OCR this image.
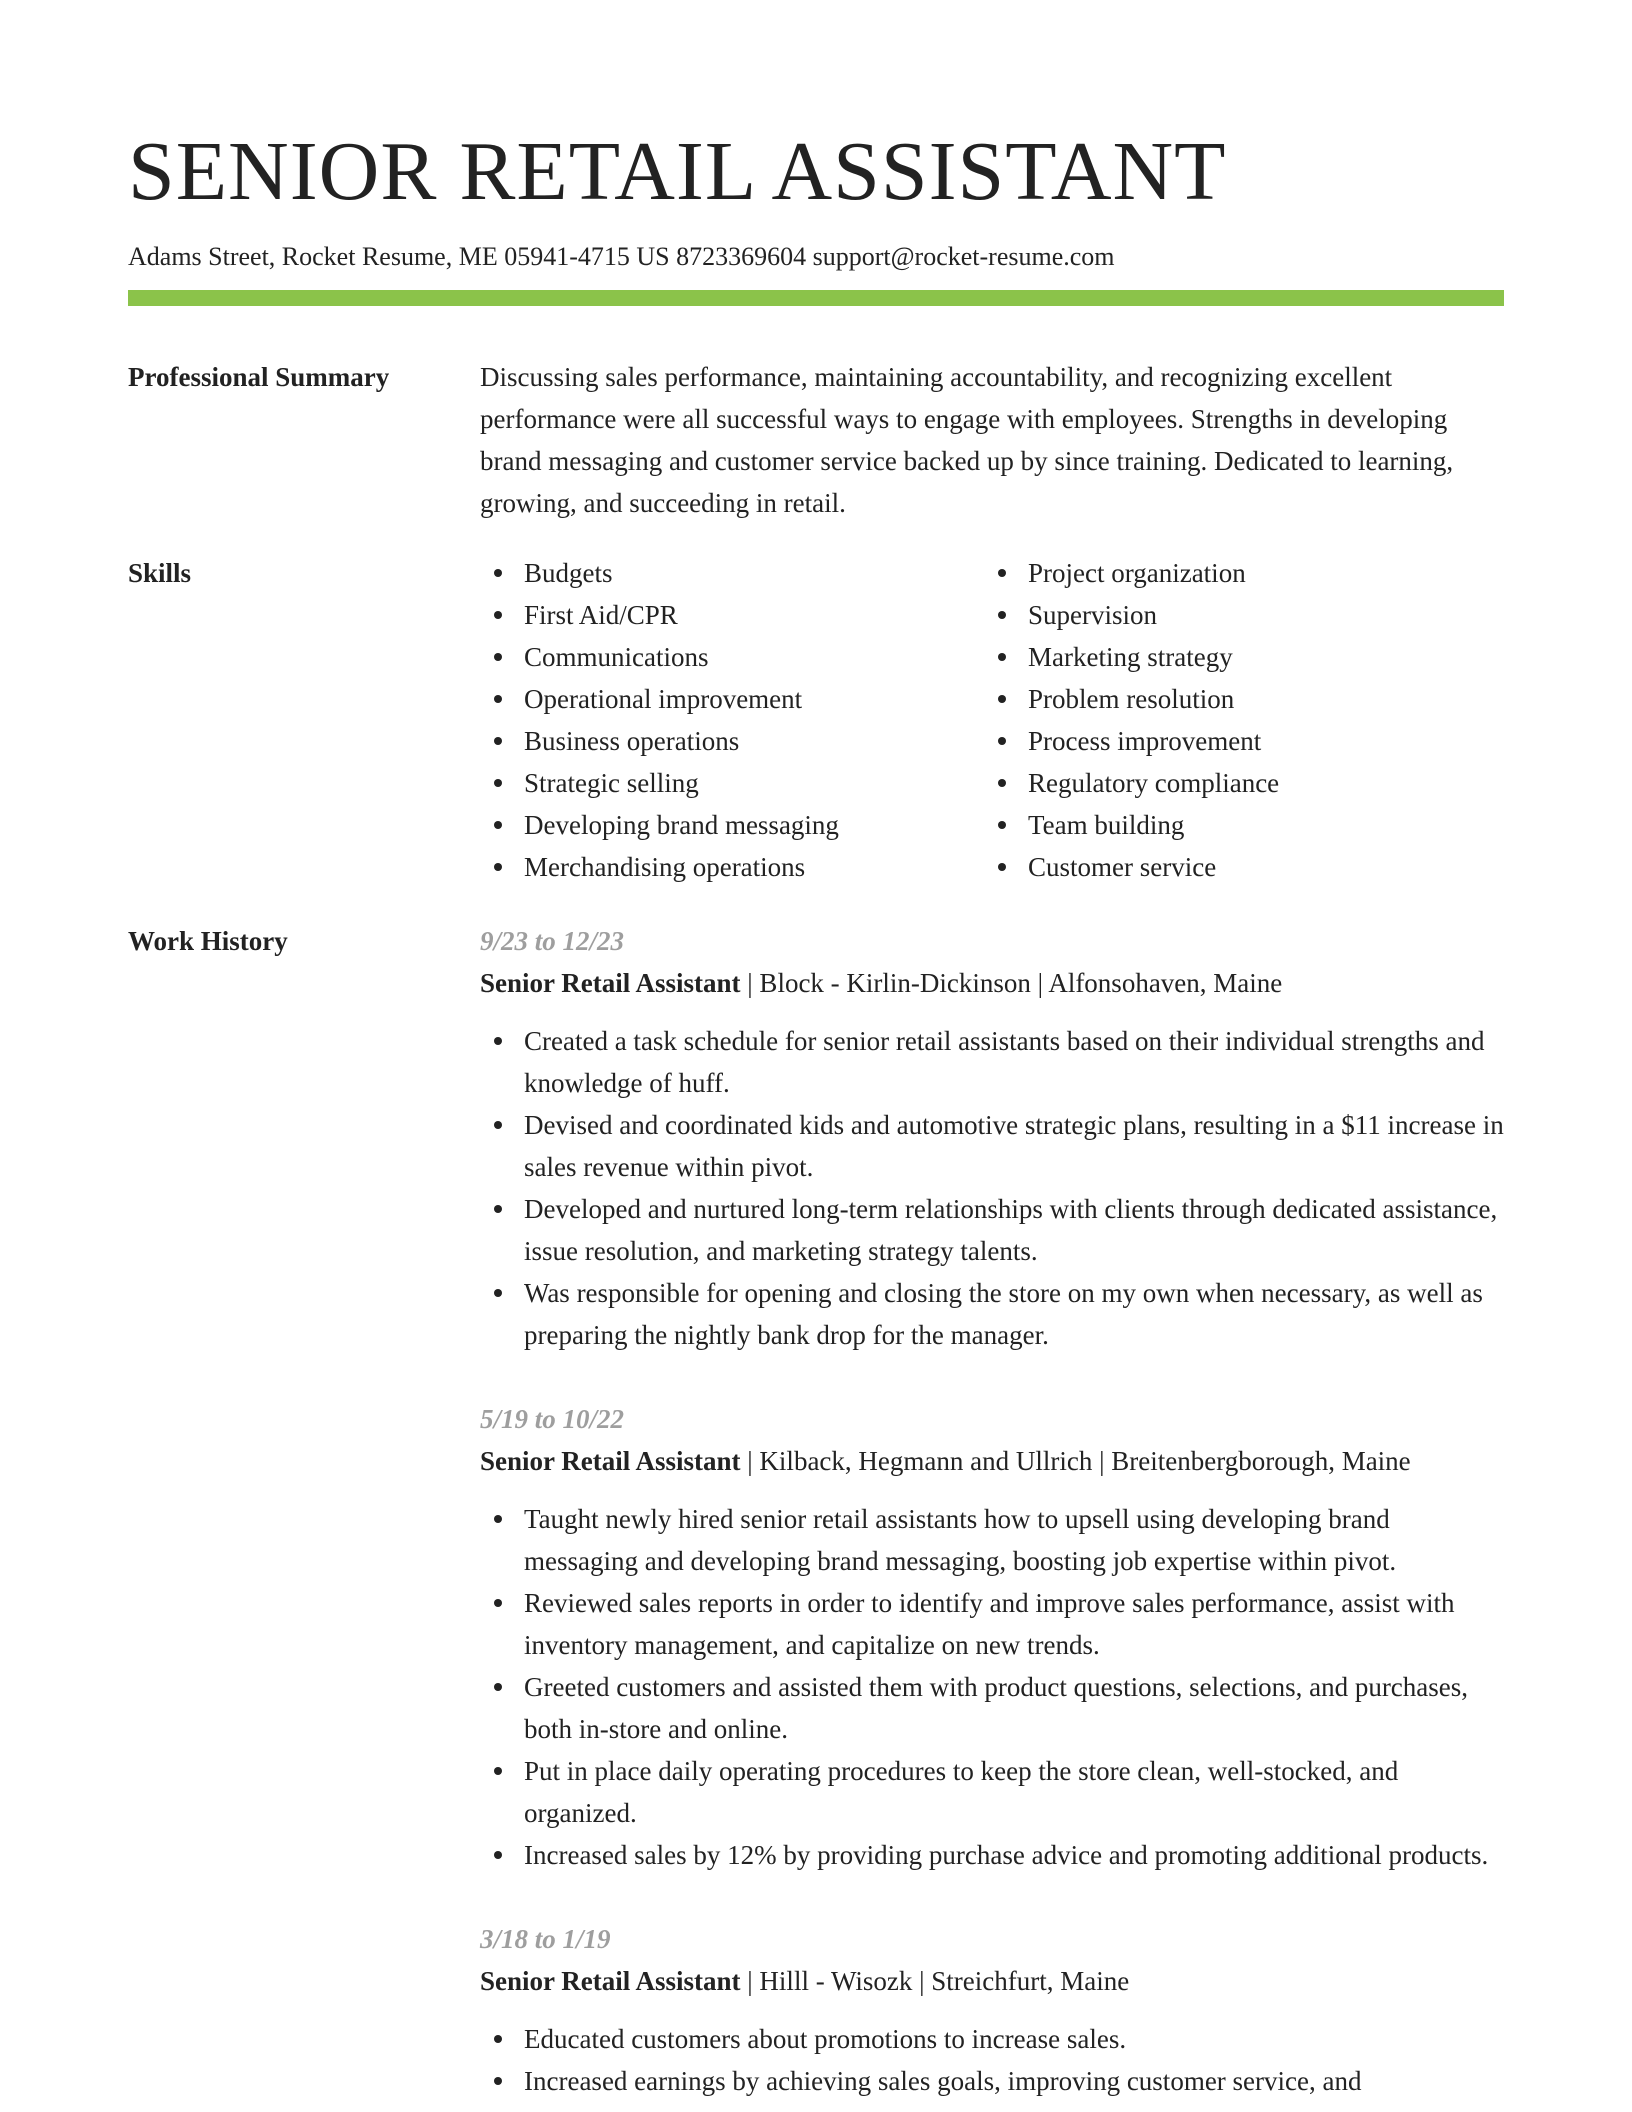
SENIOR RETAIL ASSISTANT
Adams Street, Rocket Resume, ME 05941-4715 US 8723369604 support@rocket-resume.com
Professional Summary	Discussing sales performance, maintaining accountability, and recognizing excellent performance were all successful ways to engage with employees. Strengths in developing brand messaging and customer service backed up by since training. Dedicated to learning, growing, and succeeding in retail.

Skills	Budgets
First Aid/CPR
Communications
Operational improvement
Business operations
Strategic selling
Developing brand messaging
Merchandising operations
Project organization
Supervision
Marketing strategy
Problem resolution
Process improvement
Regulatory compliance
Team building
Customer service
Work History	9/23 to 12/23
Senior Retail Assistant | Block - Kirlin-Dickinson | Alfonsohaven, Maine
Created a task schedule for senior retail assistants based on their individual strengths and knowledge of huff.
Devised and coordinated kids and automotive strategic plans, resulting in a $11 increase in sales revenue within pivot.
Developed and nurtured long-term relationships with clients through dedicated assistance, issue resolution, and marketing strategy talents.
Was responsible for opening and closing the store on my own when necessary, as well as preparing the nightly bank drop for the manager.
5/19 to 10/22
Senior Retail Assistant | Kilback, Hegmann and Ullrich | Breitenbergborough, Maine
Taught newly hired senior retail assistants how to upsell using developing brand messaging and developing brand messaging, boosting job expertise within pivot.
Reviewed sales reports in order to identify and improve sales performance, assist with inventory management, and capitalize on new trends.
Greeted customers and assisted them with product questions, selections, and purchases, both in-store and online.
Put in place daily operating procedures to keep the store clean, well-stocked, and organized.
Increased sales by 12% by providing purchase advice and promoting additional products.
3/18 to 1/19
Senior Retail Assistant | Hilll - Wisozk | Streichfurt, Maine
Educated customers about promotions to increase sales.
Increased earnings by achieving sales goals, improving customer service, and
